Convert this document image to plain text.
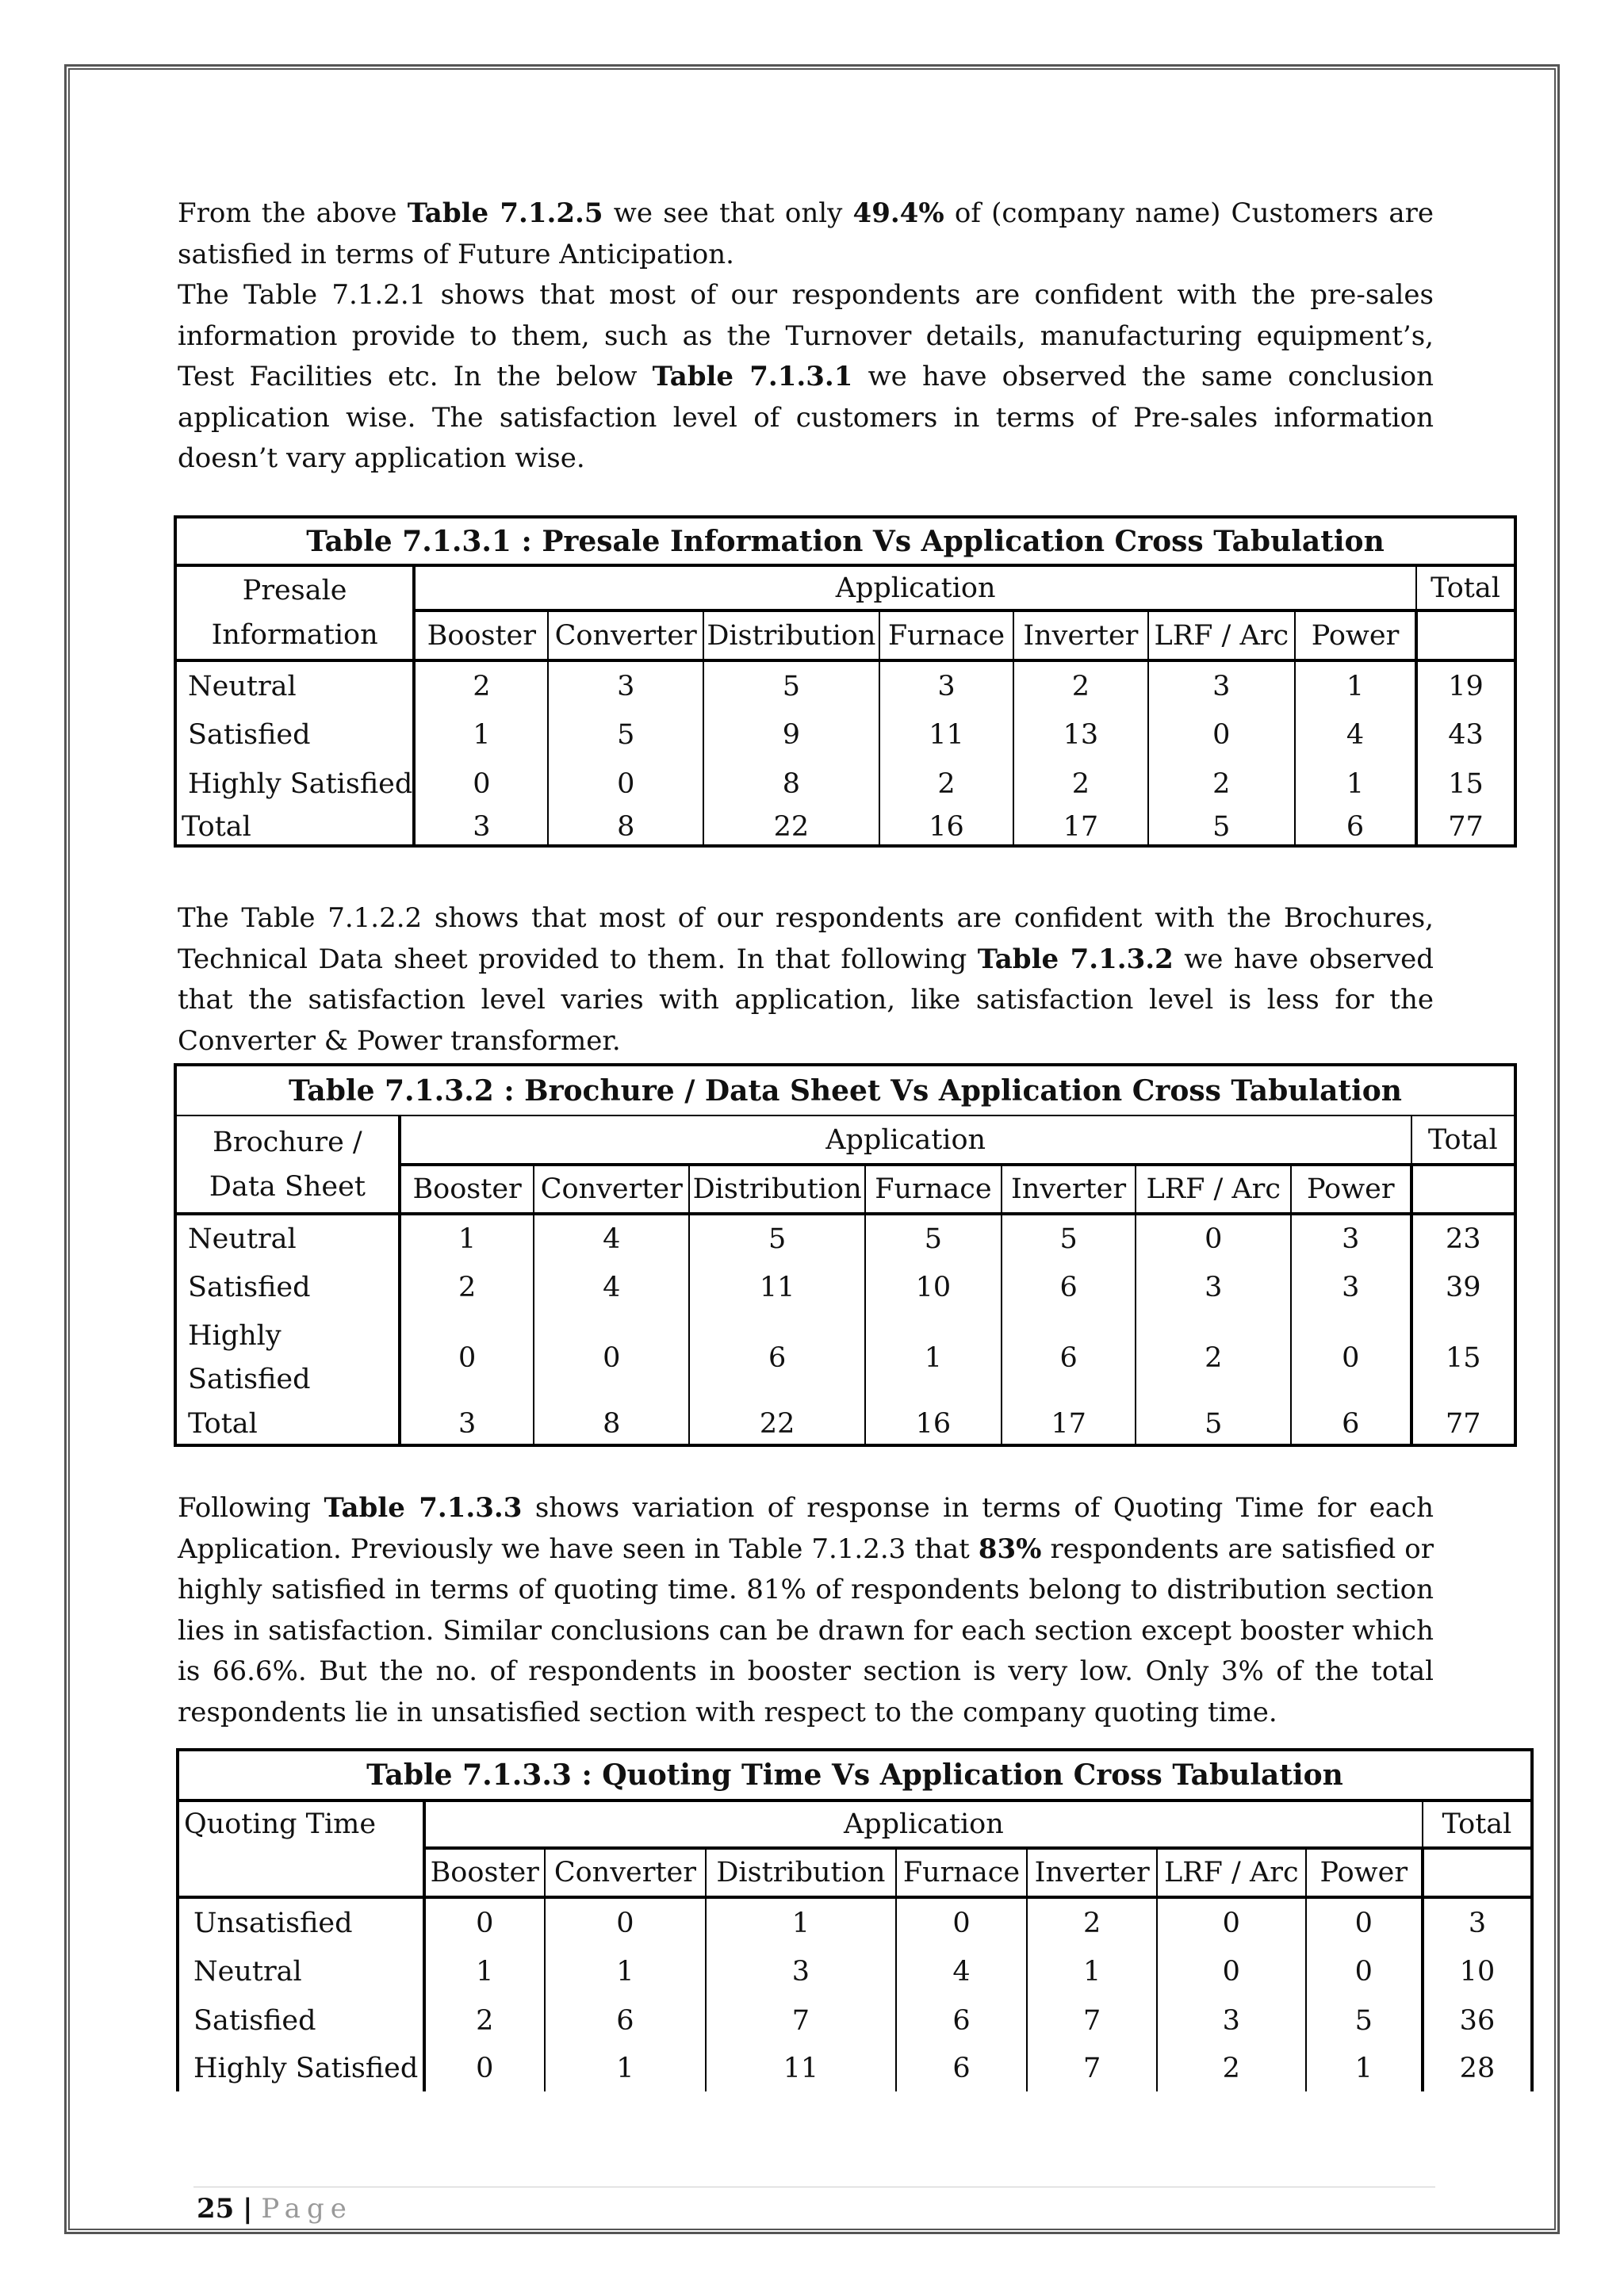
From the above Table 7.1.2.5 we see that only 49.4% of (company name) Customers are satisfied in terms of Future Anticipation.

The Table 7.1.2.1 shows that most of our respondents are confident with the pre-sales information provide to them, such as the Turnover details, manufacturing equipment’s, Test Facilities etc. In the below Table 7.1.3.1 we have observed the same conclusion application wise. The satisfaction level of customers in terms of Pre-sales information doesn’t vary application wise.

Table 7.1.3.1 : Presale Information Vs Application Cross Tabulation								
Presale
Information	Application							Total
	Booster	Converter	Distribution	Furnace	Inverter	LRF / Arc	Power	
Neutral	2	3	5	3	2	3	1	19
Satisfied	1	5	9	11	13	0	4	43
Highly Satisfied	0	0	8	2	2	2	1	15
Total	3	8	22	16	17	5	6	77

The Table 7.1.2.2 shows that most of our respondents are confident with the Brochures, Technical Data sheet provided to them. In that following Table 7.1.3.2 we have observed that the satisfaction level varies with application, like satisfaction level is less for the Converter & Power transformer.

Table 7.1.3.2 : Brochure / Data Sheet Vs Application Cross Tabulation								
Brochure /
Data Sheet	Application							Total
	Booster	Converter	Distribution	Furnace	Inverter	LRF / Arc	Power	
Neutral	1	4	5	5	5	0	3	23
Satisfied	2	4	11	10	6	3	3	39
Highly
Satisfied	0	0	6	1	6	2	0	15
Total	3	8	22	16	17	5	6	77

Following Table 7.1.3.3 shows variation of response in terms of Quoting Time for each Application. Previously we have seen in Table 7.1.2.3 that 83% respondents are satisfied or highly satisfied in terms of quoting time. 81% of respondents belong to distribution section lies in satisfaction. Similar conclusions can be drawn for each section except booster which is 66.6%. But the no. of respondents in booster section is very low. Only 3% of the total respondents lie in unsatisfied section with respect to the company quoting time.

Table 7.1.3.3 : Quoting Time Vs Application Cross Tabulation								
Quoting Time	Application							Total
	Booster	Converter	Distribution	Furnace	Inverter	LRF / Arc	Power	
Unsatisfied	0	0	1	0	2	0	0	3
Neutral	1	1	3	4	1	0	0	10
Satisfied	2	6	7	6	7	3	5	36
Highly Satisfied	0	1	11	6	7	2	1	28
25 | Page
